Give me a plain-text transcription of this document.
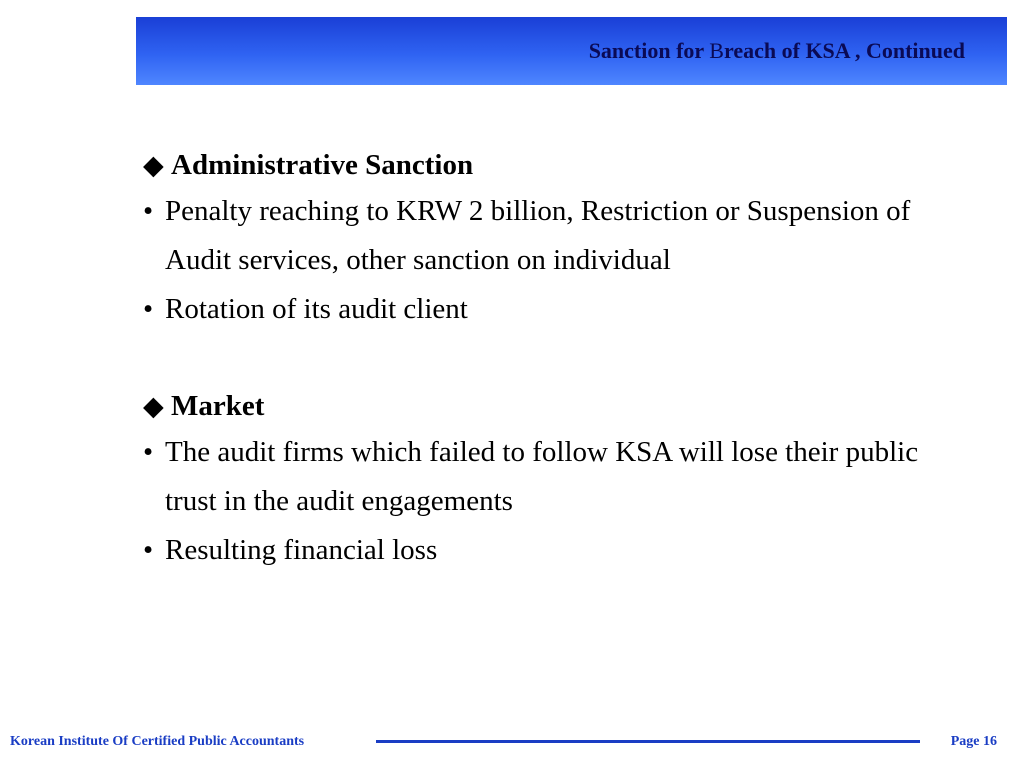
Sanction for Breach of KSA , Continued
◆ Administrative Sanction
• Penalty reaching to KRW 2 billion, Restriction or Suspension of Audit services, other sanction on individual
• Rotation of its audit client
◆ Market
• The audit firms which failed to follow KSA will lose their public trust in the audit engagements
• Resulting financial loss
Korean Institute Of Certified Public Accountants	Page 16
